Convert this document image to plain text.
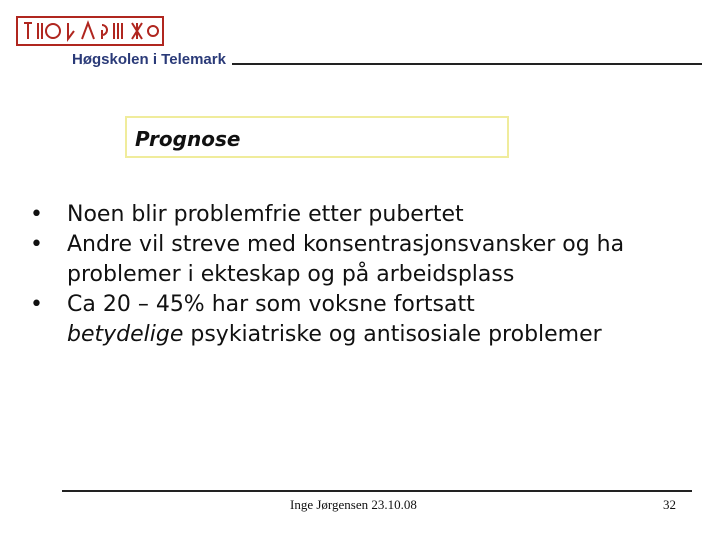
Høgskolen i Telemark
Prognose
• Noen blir problemfrie etter pubertet
• Andre vil streve med konsentrasjonsvansker og ha problemer i ekteskap og på arbeidsplass
• Ca 20 – 45% har som voksne fortsatt
betydelige psykiatriske og antisosiale problemer
Inge Jørgensen 23.10.08	32
